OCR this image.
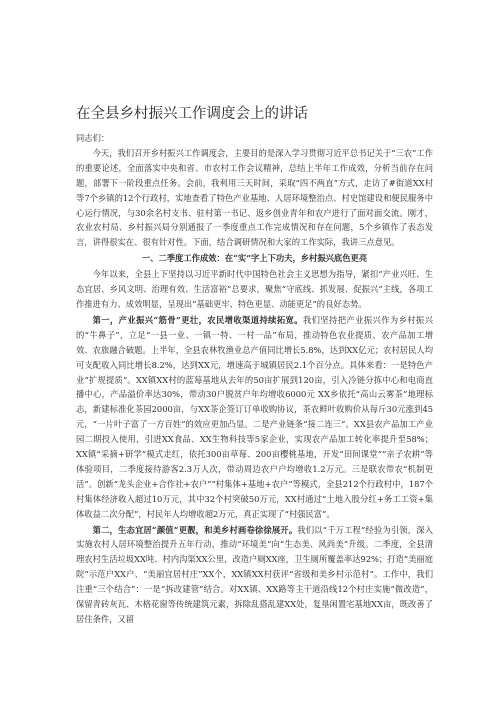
在全县乡村振兴工作调度会上的讲话

同志们：

今天，我们召开乡村振兴工作调度会，主要目的是深入学习贯彻习近平总书记关于“三农”工作的重要论述，全面落实中央和省、市农村工作会议精神，总结上半年工作成效，分析当前存在问题，部署下一阶段重点任务。会前，我利用三天时间，采取“四不两直”方式，走访了#街道XX村等7个乡镇的12个行政村，实地查看了特色产业基地、人居环境整治点、村史馆建设和便民服务中心运行情况，与30余名村支书、驻村第一书记、返乡创业青年和农户进行了面对面交流。刚才，农业农村局、乡村振兴局分别通报了一季度重点工作完成情况和存在问题，5个乡镇作了表态发言，讲得很实在、很有针对性。下面，结合调研情况和大家的工作实际，我讲三点意见。

一、二季度工作成效：在“实”字上下功夫，乡村振兴底色更亮

今年以来，全县上下坚持以习近平新时代中国特色社会主义思想为指导，紧扣“产业兴旺、生态宜居、乡风文明、治理有效、生活富裕”总要求，聚焦“守底线、抓发展、促振兴”主线，各项工作推进有力、成效明显，呈现出“基础更牢、特色更显、动能更足”的良好态势。

第一，产业振兴“筋骨”更壮，农民增收渠道持续拓宽。我们坚持把产业振兴作为乡村振兴的“牛鼻子”，立足“一县一业、一镇一特、一村一品”布局，推动特色农业提质、农产品加工增效、农旅融合破题。上半年，全县农林牧渔业总产值同比增长5.8%，达到XX亿元；农村居民人均可支配收入同比增长8.2%，达到XX元，增速高于城镇居民2.1个百分点。具体来看：一是特色产业“扩规提质”。XX镇XX村的蓝莓基地从去年的50亩扩展到120亩，引入冷链分拣中心和电商直播中心，产品溢价率达30%，带动30户脱贫户年均增收6000元 XX乡依托“高山云雾茶”地理标志，新建标准化茶园2000亩，与XX茶企签订订单收购协议，茶农鲜叶收购价从每斤30元涨到45元，“一片叶子富了一方百姓”的效应更加凸显。二是产业链条“接二连三”。XX县农产品加工产业园二期投入使用，引进XX食品、XX生物科技等5家企业，实现农产品加工转化率提升至58%；XX镇“采摘+研学”模式走红，依托300亩草莓、200亩樱桃基地，开发“田间课堂”“亲子农耕”等体验项目，二季度接待游客2.3万人次，带动周边农户户均增收1.2万元。三是联农带农“机制更活”。创新“龙头企业+合作社+农户”“村集体+基地+农户”等模式，全县212个行政村中，187个村集体经济收入超过10万元，其中32个村突破50万元，XX村通过“土地入股分红+务工工资+集体收益二次分配”，村民年人均增收超2万元，真正实现了“村强民富”。

第二，生态宜居“颜值”更靓，和美乡村画卷徐徐展开。我们以“千万工程”经验为引领，深入实施农村人居环境整治提升五年行动，推动“环境美”向“生态美、风尚美”升级。二季度，全县清理农村生活垃圾XX吨、村内沟渠XX公里，改造户厕XX座，卫生厕所覆盖率达92%；打造“美丽庭院”示范户XX户、“美丽宜居村庄”XX个，XX镇XX村获评“省级和美乡村示范村”。工作中，我们注重“三个结合”：一是“拆改建管”结合。对XX镇、XX路等主干道沿线12个村庄实施“微改造”，保留青砖灰瓦、木格花窗等传统建筑元素，拆除乱搭乱建XX处，复垦闲置宅基地XX亩，既改善了居住条件，又留
